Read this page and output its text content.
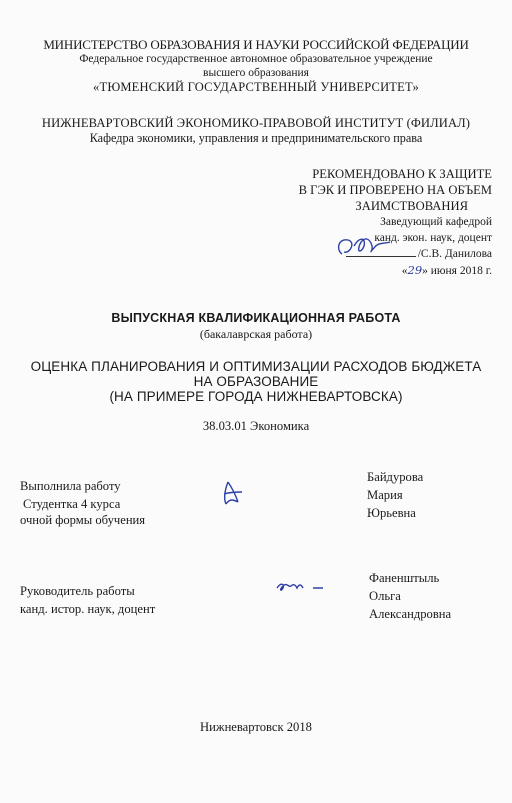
МИНИСТЕРСТВО ОБРАЗОВАНИЯ И НАУКИ РОССИЙСКОЙ ФЕДЕРАЦИИ
Федеральное государственное автономное образовательное учреждение
высшего образования
«ТЮМЕНСКИЙ ГОСУДАРСТВЕННЫЙ УНИВЕРСИТЕТ»
НИЖНЕВАРТОВСКИЙ ЭКОНОМИКО-ПРАВОВОЙ ИНСТИТУТ (ФИЛИАЛ)
Кафедра экономики, управления и предпринимательского права
РЕКОМЕНДОВАНО К ЗАЩИТЕ
В ГЭК И ПРОВЕРЕНО НА ОБЪЕМ
ЗАИМСТВОВАНИЯ
Заведующий кафедрой
канд. экон. наук, доцент
/С.В. Данилова
«29» июня 2018 г.
ВЫПУСКНАЯ КВАЛИФИКАЦИОННАЯ РАБОТА
(бакалаврская работа)
ОЦЕНКА ПЛАНИРОВАНИЯ И ОПТИМИЗАЦИИ РАСХОДОВ БЮДЖЕТА
НА ОБРАЗОВАНИЕ
(НА ПРИМЕРЕ ГОРОДА НИЖНЕВАРТОВСКА)
38.03.01 Экономика
Выполнила работу
Студентка 4 курса
очной формы обучения
Байдурова
Мария
Юрьевна
Руководитель работы
канд. истор. наук, доцент
Фаненштыль
Ольга
Александровна
Нижневартовск 2018
